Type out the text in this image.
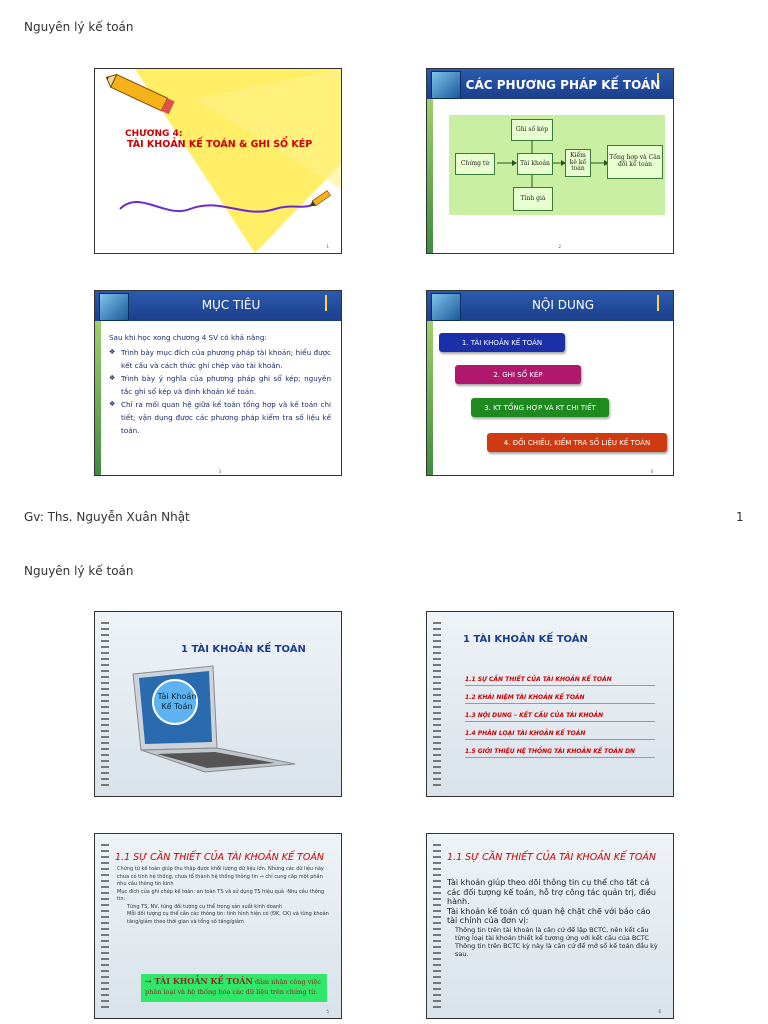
Nguyên lý kế toán
CHƯƠNG 4:
TÀI KHOẢN KẾ TOÁN & GHI SỔ KÉP
1
CÁC PHƯƠNG PHÁP KẾ TOÁN
Ghi số kép
Chứng từ	Tài khoản
Kiểm kê kế toán
Tổng hợp và Cân đối kế toán
Tính giá
2
MỤC TIÊU
Sau khi học xong chương 4 SV có khả năng:
❖ Trình bày mục đích của phương pháp tài khoản; hiểu được kết cấu và cách thức ghi chép vào tài khoản.
❖ Trình bày ý nghĩa của phương pháp ghi sổ kép; nguyên tắc ghi sổ kép và định khoản kế toán.
❖ Chỉ ra mối quan hệ giữa kế toán tổng hợp và kế toán chi tiết; vận dụng được các phương pháp kiểm tra số liệu kế toán.
3
NỘI DUNG
1. TÀI KHOẢN KẾ TOÁN
2. GHI SỔ KÉP
3. KT TỔNG HỢP VÀ KT CHI TIẾT
4. ĐỐI CHIẾU, KIỂM TRA SỐ LIỆU KẾ TOÁN
4
Gv: Ths. Nguyễn Xuân Nhật	1
Nguyên lý kế toán
1 TÀI KHOẢN KẾ TOÁN
Tài Khoản Kế Toán
1 TÀI KHOẢN KẾ TOÁN
1.1 SỰ CẦN THIẾT CỦA TÀI KHOẢN KẾ TOÁN
1.2 KHÁI NIỆM TÀI KHOẢN KẾ TOÁN
1.3 NỘI DUNG – KẾT CẤU CỦA TÀI KHOẢN
1.4 PHÂN LOẠI TÀI KHOẢN KẾ TOÁN
1.5 GIỚI THIỆU HỆ THỐNG TÀI KHOẢN KẾ TOÁN DN
1.1 SỰ CẦN THIẾT CỦA TÀI KHOẢN KẾ TOÁN
Chứng từ kế toán giúp thu thập được khối lượng dữ liệu lớn. Nhưng các dữ liệu này chưa có tính hệ thống, chưa tổ thành hệ thống thông tin → chỉ cung cấp một phần nhu cầu thông tin kinh
Mục đích của ghi chép kế toán: an toàn TS và sử dụng TS hiệu quả -Nhu cầu thông tin:
Từng TS, NV, từng đối tượng cụ thể trong sản suất kinh doanh
Mỗi đối tượng cụ thể cần các thông tin: tình hình hiện có (ĐK, CK) và từng khoản tăng/giảm theo thời gian và tổng số tăng/giảm
→ TÀI KHOẢN KẾ TOÁN đảm nhận công việc phân loại và hệ thống hóa các dữ liệu trên chứng từ.
5
1.1 SỰ CẦN THIẾT CỦA TÀI KHOẢN KẾ TOÁN
Tài khoản giúp theo dõi thông tin cụ thể cho tất cả các đối tượng kế toán, hỗ trợ công tác quản trị, điều hành.
Tài khoản kế toán có quan hệ chặt chẽ với báo cáo tài chính của đơn vị:
Thông tin trên tài khoản là căn cứ để lập BCTC, nên kết cấu từng loại tài khoản thiết kế tương ứng với kết cấu của BCTC
Thông tin trên BCTC kỳ này là căn cứ để mở sổ kế toán đầu kỳ sau.
6
